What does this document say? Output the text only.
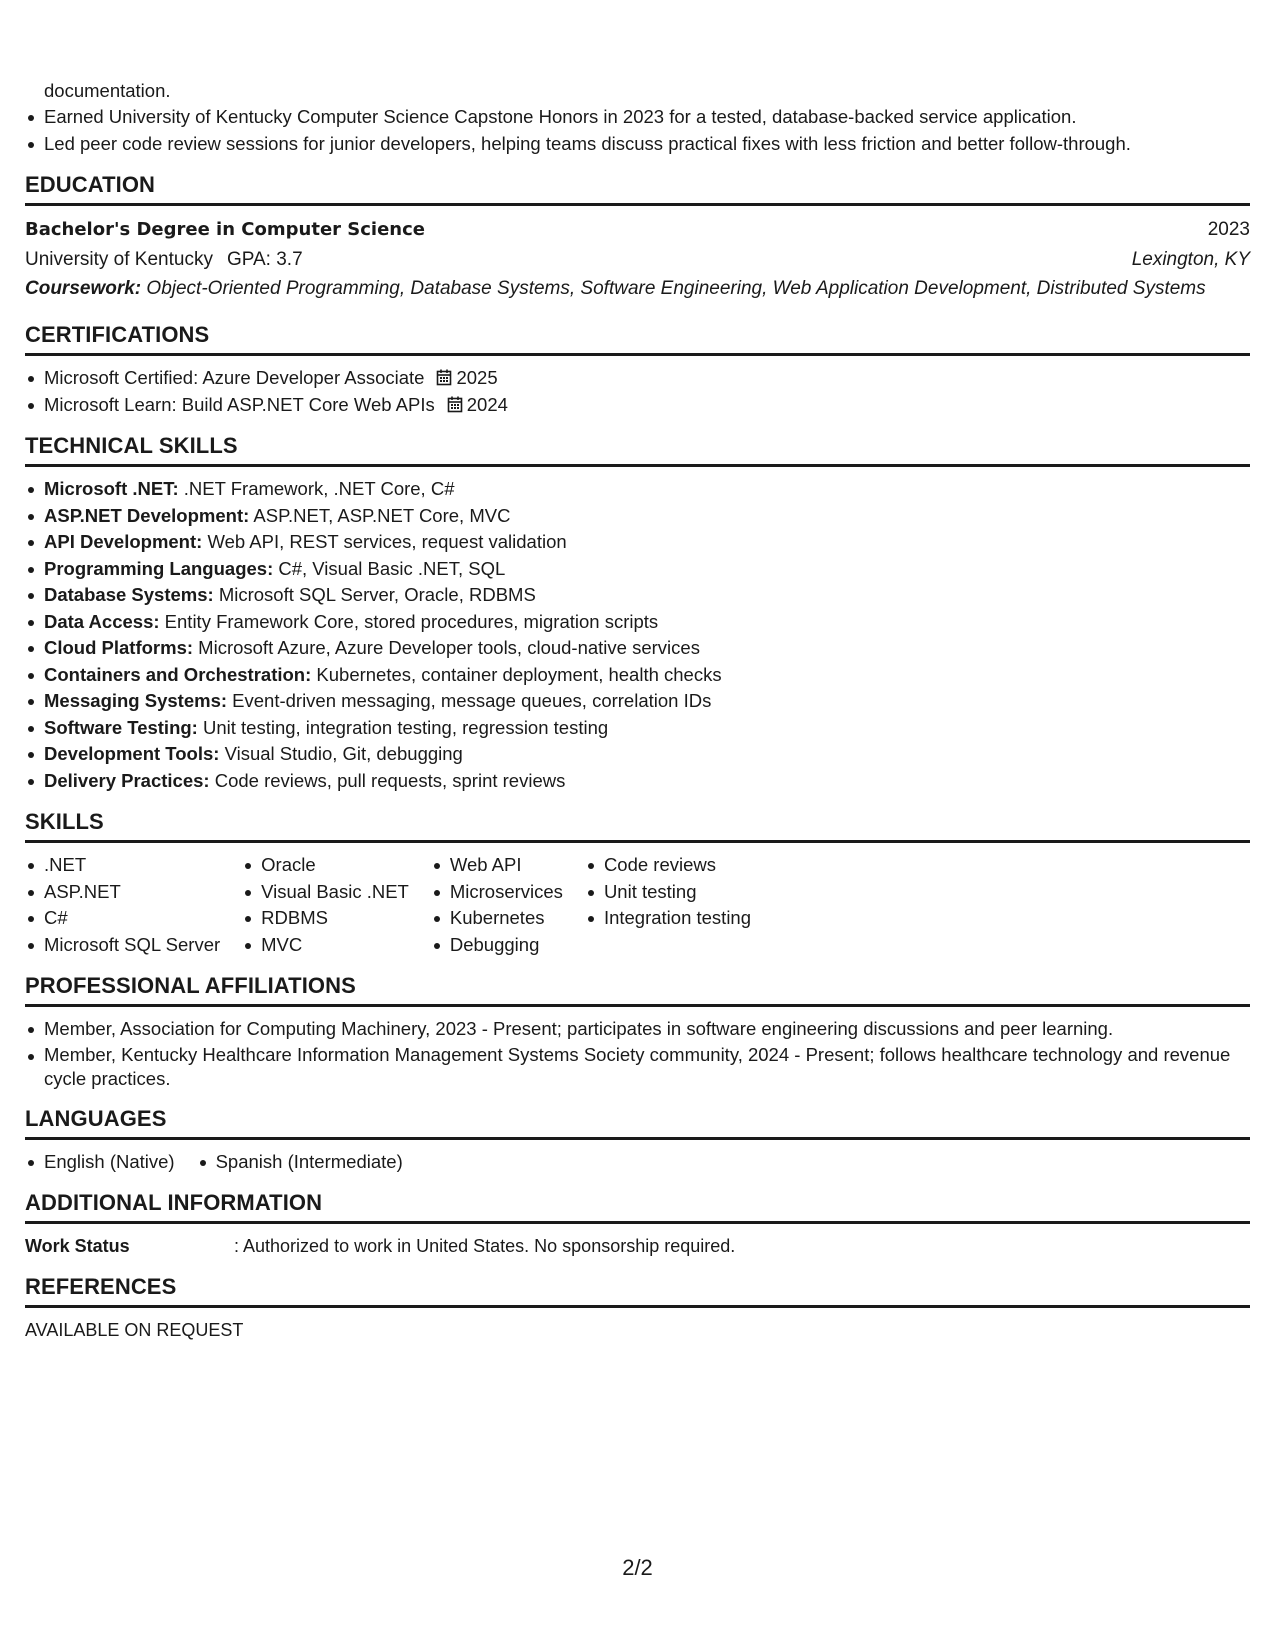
documentation.
Earned University of Kentucky Computer Science Capstone Honors in 2023 for a tested, database-backed service application.
Led peer code review sessions for junior developers, helping teams discuss practical fixes with less friction and better follow-through.
EDUCATION
Bachelor's Degree in Computer Science	2023
University of Kentucky GPA: 3.7	Lexington, KY
Coursework: Object-Oriented Programming, Database Systems, Software Engineering, Web Application Development, Distributed Systems
CERTIFICATIONS
Microsoft Certified: Azure Developer Associate 2025
Microsoft Learn: Build ASP.NET Core Web APIs 2024
TECHNICAL SKILLS
Microsoft .NET: .NET Framework, .NET Core, C#
ASP.NET Development: ASP.NET, ASP.NET Core, MVC
API Development: Web API, REST services, request validation
Programming Languages: C#, Visual Basic .NET, SQL
Database Systems: Microsoft SQL Server, Oracle, RDBMS
Data Access: Entity Framework Core, stored procedures, migration scripts
Cloud Platforms: Microsoft Azure, Azure Developer tools, cloud-native services
Containers and Orchestration: Kubernetes, container deployment, health checks
Messaging Systems: Event-driven messaging, message queues, correlation IDs
Software Testing: Unit testing, integration testing, regression testing
Development Tools: Visual Studio, Git, debugging
Delivery Practices: Code reviews, pull requests, sprint reviews
SKILLS
.NET
ASP.NET
C#
Microsoft SQL Server
Oracle
Visual Basic .NET
RDBMS
MVC
Web API
Microservices
Kubernetes
Debugging
Code reviews
Unit testing
Integration testing
PROFESSIONAL AFFILIATIONS
Member, Association for Computing Machinery, 2023 - Present; participates in software engineering discussions and peer learning.
Member, Kentucky Healthcare Information Management Systems Society community, 2024 - Present; follows healthcare technology and revenue cycle practices.
LANGUAGES
English (Native)	Spanish (Intermediate)
ADDITIONAL INFORMATION
Work Status	: Authorized to work in United States. No sponsorship required.
REFERENCES
AVAILABLE ON REQUEST
2/2
